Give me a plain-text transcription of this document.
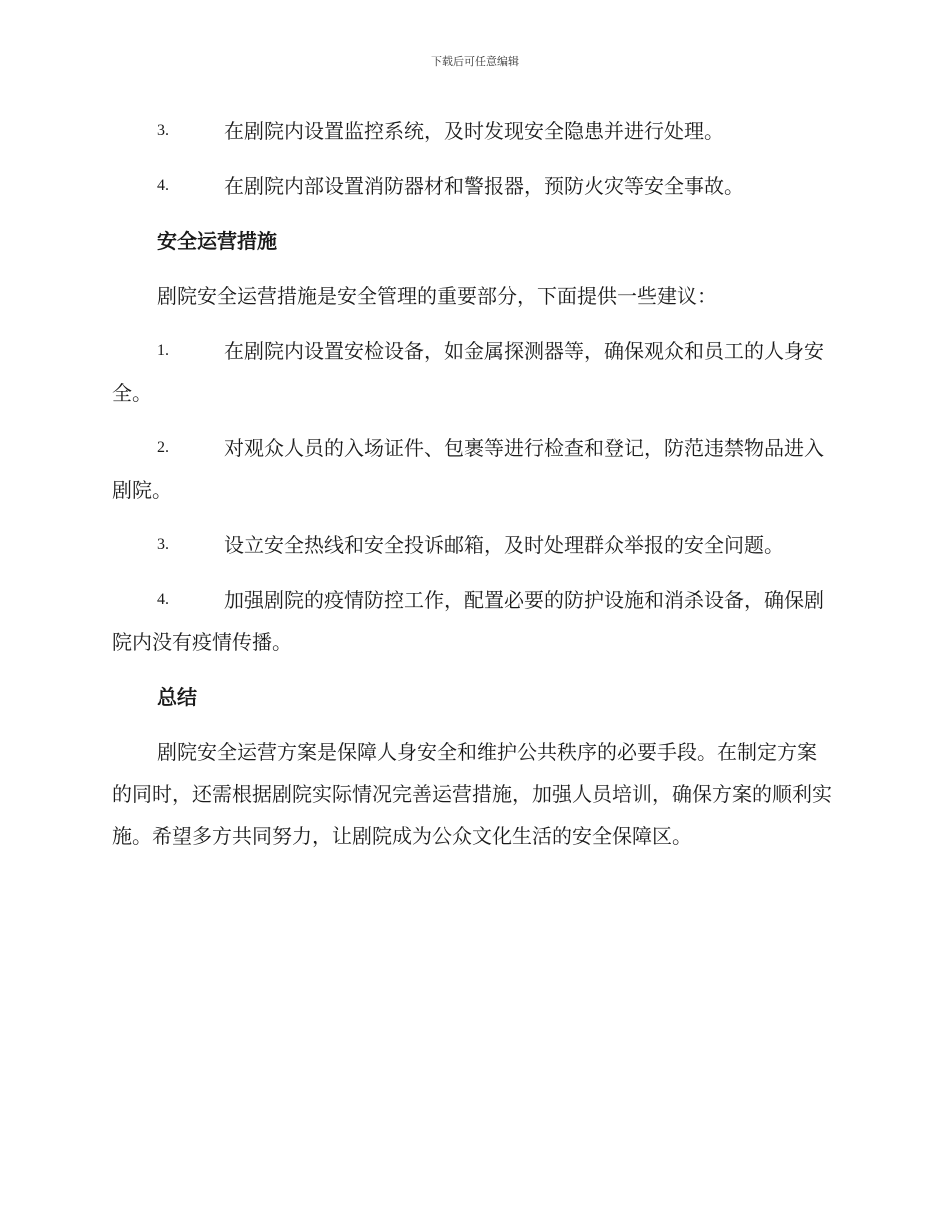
下载后可任意编辑
3.	在剧院内设置监控系统，及时发现安全隐患并进行处理。
4.	在剧院内部设置消防器材和警报器，预防火灾等安全事故。
安全运营措施
剧院安全运营措施是安全管理的重要部分，下面提供一些建议：
1.	在剧院内设置安检设备，如金属探测器等，确保观众和员工的人身安全。
2.	对观众人员的入场证件、包裹等进行检查和登记，防范违禁物品进入剧院。
3.	设立安全热线和安全投诉邮箱，及时处理群众举报的安全问题。
4.	加强剧院的疫情防控工作，配置必要的防护设施和消杀设备，确保剧院内没有疫情传播。
总结
剧院安全运营方案是保障人身安全和维护公共秩序的必要手段。在制定方案的同时，还需根据剧院实际情况完善运营措施，加强人员培训，确保方案的顺利实施。希望多方共同努力，让剧院成为公众文化生活的安全保障区。
